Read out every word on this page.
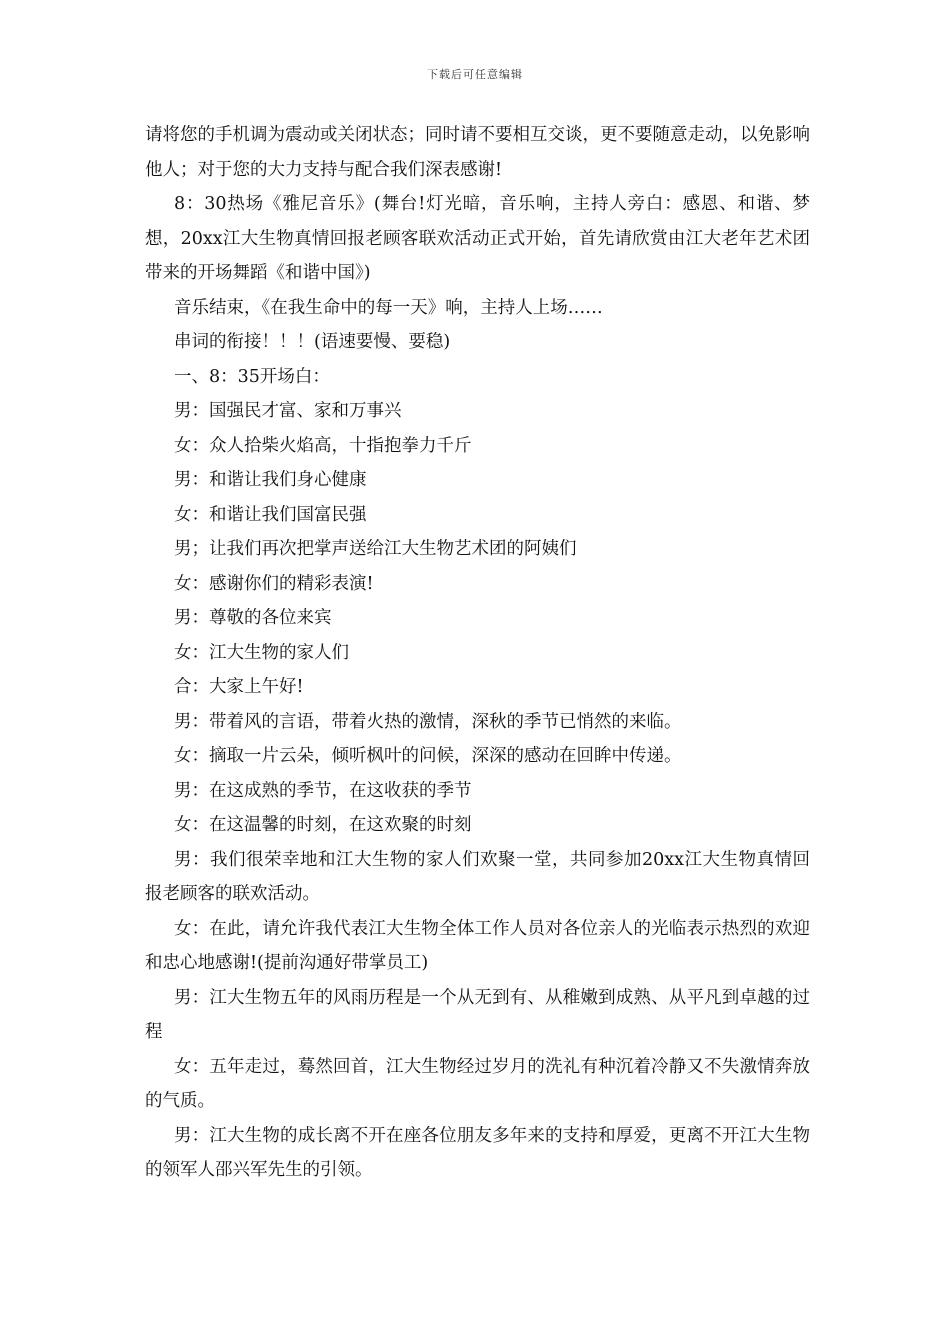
下载后可任意编辑

请将您的手机调为震动或关闭状态；同时请不要相互交谈，更不要随意走动，以免影响他人；对于您的大力支持与配合我们深表感谢!

8：30热场《雅尼音乐》(舞台!灯光暗，音乐响，主持人旁白：感恩、和谐、梦想，20xx江大生物真情回报老顾客联欢活动正式开始，首先请欣赏由江大老年艺术团带来的开场舞蹈《和谐中国》)

音乐结束，《在我生命中的每一天》响，主持人上场……

串词的衔接！！！(语速要慢、要稳)

一、8：35开场白：

男：国强民才富、家和万事兴

女：众人拾柴火焰高，十指抱拳力千斤

男：和谐让我们身心健康

女：和谐让我们国富民强

男；让我们再次把掌声送给江大生物艺术团的阿姨们

女：感谢你们的精彩表演!

男：尊敬的各位来宾

女：江大生物的家人们

合：大家上午好!

男：带着风的言语，带着火热的激情，深秋的季节已悄然的来临。

女：摘取一片云朵，倾听枫叶的问候，深深的感动在回眸中传递。

男：在这成熟的季节，在这收获的季节

女：在这温馨的时刻，在这欢聚的时刻

男：我们很荣幸地和江大生物的家人们欢聚一堂，共同参加20xx江大生物真情回报老顾客的联欢活动。

女：在此，请允许我代表江大生物全体工作人员对各位亲人的光临表示热烈的欢迎和忠心地感谢!(提前沟通好带掌员工)

男：江大生物五年的风雨历程是一个从无到有、从稚嫩到成熟、从平凡到卓越的过程

女：五年走过，蓦然回首，江大生物经过岁月的洗礼有种沉着冷静又不失激情奔放的气质。

男：江大生物的成长离不开在座各位朋友多年来的支持和厚爱，更离不开江大生物的领军人邵兴军先生的引领。
